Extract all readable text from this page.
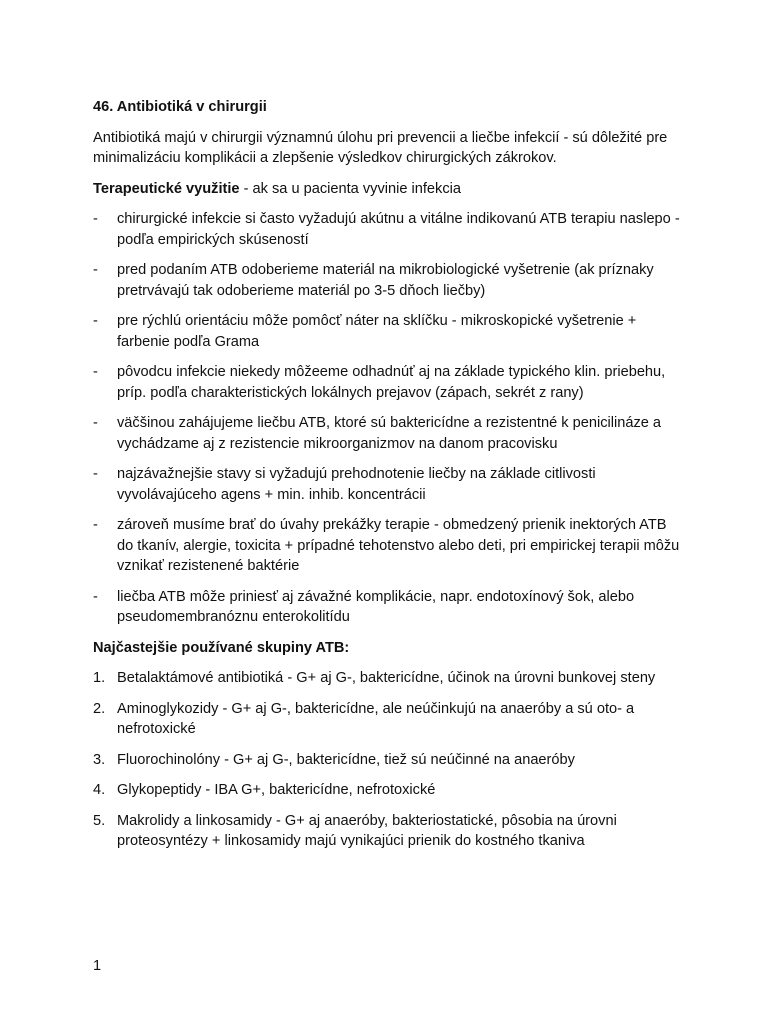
46. Antibiotiká v chirurgii

Antibiotiká majú v chirurgii významnú úlohu pri prevencii a liečbe infekcií - sú dôležité pre minimalizáciu komplikácii a zlepšenie výsledkov chirurgických zákrokov.

Terapeutické využitie - ak sa u pacienta vyvinie infekcia

- chirurgické infekcie si často vyžadujú akútnu a vitálne indikovanú ATB terapiu naslepo - podľa empirických skúseností
- pred podaním ATB odoberieme materiál na mikrobiologické vyšetrenie (ak príznaky pretrvávajú tak odoberieme materiál po 3-5 dňoch liečby)
- pre rýchlú orientáciu môže pomôcť náter na sklíčku - mikroskopické vyšetrenie + farbenie podľa Grama
- pôvodcu infekcie niekedy môžeeme odhadnúť aj na základe typického klin. priebehu, príp. podľa charakteristických lokálnych prejavov (zápach, sekrét z rany)
- väčšinou zahájujeme liečbu ATB, ktoré sú baktericídne a rezistentné k penicilináze a vychádzame aj z rezistencie mikroorganizmov na danom pracovisku
- najzávažnejšie stavy si vyžadujú prehodnotenie liečby na základe citlivosti vyvolávajúceho agens + min. inhib. koncentrácii
- zároveň musíme brať do úvahy prekážky terapie - obmedzený prienik inektorých ATB do tkanív, alergie, toxicita + prípadné tehotenstvo alebo deti, pri empirickej terapii môžu vznikať rezistenené baktérie
- liečba ATB môže priniesť aj závažné komplikácie, napr. endotoxínový šok, alebo pseudomembranóznu enterokolitídu

Najčastejšie používané skupiny ATB:

1. Betalaktámové antibiotiká - G+ aj G-, baktericídne, účinok na úrovni bunkovej steny
2. Aminoglykozidy - G+ aj G-, baktericídne, ale neúčinkujú na anaeróby a sú oto- a nefrotoxické
3. Fluorochinolóny - G+ aj G-, baktericídne, tiež sú neúčinné na anaeróby
4. Glykopeptidy - IBA G+, baktericídne, nefrotoxické
5. Makrolidy a linkosamidy - G+ aj anaeróby, bakteriostatické, pôsobia na úrovni proteosyntézy + linkosamidy majú vynikajúci prienik do kostného tkaniva
1
